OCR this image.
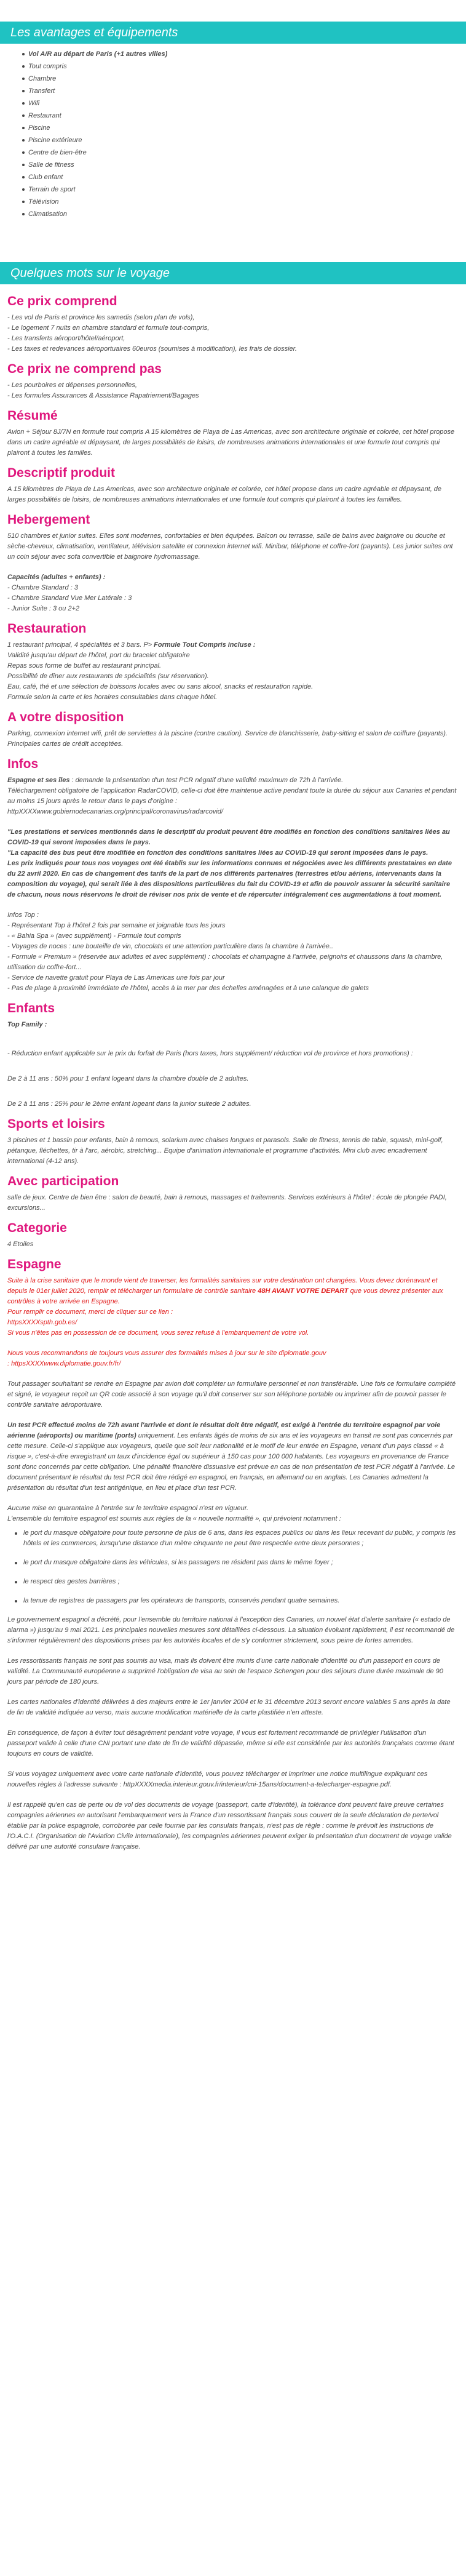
Les avantages et équipements
Vol A/R au départ de Paris (+1 autres villes)
Tout compris
Chambre
Transfert
Wifi
Restaurant
Piscine
Piscine extérieure
Centre de bien-être
Salle de fitness
Club enfant
Terrain de sport
Télévision
Climatisation
Quelques mots sur le voyage
Ce prix comprend

- Les vol de Paris et province les samedis (selon plan de vols),

- Le logement 7 nuits en chambre standard et formule tout-compris,

- Les transferts aéroport/hôtel/aéroport,

- Les taxes et redevances aéroportuaires 60euros (soumises à modification), les frais de dossier.

Ce prix ne comprend pas

- Les pourboires et dépenses personnelles,

- Les formules Assurances & Assistance Rapatriement/Bagages

Résumé

Avion + Séjour 8J/7N en formule tout compris A 15 kilomètres de Playa de Las Americas, avec son architecture originale et colorée, cet hôtel propose dans un cadre agréable et dépaysant, de larges possibilités de loisirs, de nombreuses animations internationales et une formule tout compris qui plairont à toutes les familles.

Descriptif produit

A 15 kilomètres de Playa de Las Americas, avec son architecture originale et colorée, cet hôtel propose dans un cadre agréable et dépaysant, de larges possibilités de loisirs, de nombreuses animations internationales et une formule tout compris qui plairont à toutes les familles.

Hebergement

510 chambres et junior suites. Elles sont modernes, confortables et bien équipées. Balcon ou terrasse, salle de bains avec baignoire ou douche et sèche-cheveux, climatisation, ventilateur, télévision satellite et connexion internet wifi. Minibar, téléphone et coffre-fort (payants). Les junior suites ont un coin séjour avec sofa convertible et baignoire hydromassage.

Capacités (adultes + enfants) :

- Chambre Standard : 3

- Chambre Standard Vue Mer Latérale : 3

- Junior Suite : 3 ou 2+2

Restauration

1 restaurant principal, 4 spécialités et 3 bars. P> Formule Tout Compris incluse :

Validité jusqu'au départ de l'hôtel, port du bracelet obligatoire

Repas sous forme de buffet au restaurant principal.

Possibilité de dîner aux restaurants de spécialités (sur réservation).

Eau, café, thé et une sélection de boissons locales avec ou sans alcool, snacks et restauration rapide.

Formule selon la carte et les horaires consultables dans chaque hôtel.

A votre disposition

Parking, connexion internet wifi, prêt de serviettes à la piscine (contre caution). Service de blanchisserie, baby-sitting et salon de coiffure (payants). Principales cartes de crédit acceptées.

Infos

Espagne et ses îles : demande la présentation d'un test PCR négatif d'une validité maximum de 72h à l'arrivée.

Téléchargement obligatoire de l'application RadarCOVID, celle-ci doit être maintenue active pendant toute la durée du séjour aux Canaries et pendant au moins 15 jours après le retour dans le pays d'origine :

httpXXXXwww.gobiernodecanarias.org/principal/coronavirus/radarcovid/

"Les prestations et services mentionnés dans le descriptif du produit peuvent être modifiés en fonction des conditions sanitaires liées au COVID-19 qui seront imposées dans le pays.

"La capacité des bus peut être modifiée en fonction des conditions sanitaires liées au COVID-19 qui seront imposées dans le pays.

Les prix indiqués pour tous nos voyages ont été établis sur les informations connues et négociées avec les différents prestataires en date du 22 avril 2020. En cas de changement des tarifs de la part de nos différents partenaires (terrestres et/ou aériens, intervenants dans la composition du voyage), qui serait liée à des dispositions particulières du fait du COVID-19 et afin de pouvoir assurer la sécurité sanitaire de chacun, nous nous réservons le droit de réviser nos prix de vente et de répercuter intégralement ces augmentations à tout moment.

Infos Top :

- Représentant Top à l'hôtel 2 fois par semaine et joignable tous les jours

- « Bahia Spa » (avec supplément) - Formule tout compris

- Voyages de noces : une bouteille de vin, chocolats et une attention particulière dans la chambre à l'arrivée..

- Formule « Premium » (réservée aux adultes et avec supplément) : chocolats et champagne à l'arrivée, peignoirs et chaussons dans la chambre, utilisation du coffre-fort...

- Service de navette gratuit pour Playa de Las Americas une fois par jour

- Pas de plage à proximité immédiate de l'hôtel, accès à la mer par des échelles aménagées et à une calanque de galets

Enfants

Top Family :

- Réduction enfant applicable sur le prix du forfait de Paris (hors taxes, hors supplément/ réduction vol de province et hors promotions) :

De 2 à 11 ans : 50% pour 1 enfant logeant dans la chambre double de 2 adultes.

De 2 à 11 ans : 25% pour le 2ème enfant logeant dans la junior suitede 2 adultes.

Sports et loisirs

3 piscines et 1 bassin pour enfants, bain à remous, solarium avec chaises longues et parasols. Salle de fitness, tennis de table, squash, mini-golf, pétanque, fléchettes, tir à l'arc, aérobic, stretching... Equipe d'animation internationale et programme d'activités. Mini club avec encadrement international (4-12 ans).

Avec participation

salle de jeux. Centre de bien être : salon de beauté, bain à remous, massages et traitements. Services extérieurs à l'hôtel : école de plongée PADI, excursions...

Categorie

4 Etoiles

Espagne

Suite à la crise sanitaire que le monde vient de traverser, les formalités sanitaires sur votre destination ont changées. Vous devez dorénavant et depuis le 01er juillet 2020, remplir et télécharger un formulaire de contrôle sanitaire 48H AVANT VOTRE DEPART que vous devrez présenter aux contrôles à votre arrivée en Espagne.

Pour remplir ce document, merci de cliquer sur ce lien :

httpsXXXXspth.gob.es/

Si vous n'êtes pas en possession de ce document, vous serez refusé à l'embarquement de votre vol.

Nous vous recommandons de toujours vous assurer des formalités mises à jour sur le site diplomatie.gouv

: httpsXXXXwww.diplomatie.gouv.fr/fr/

Tout passager souhaitant se rendre en Espagne par avion doit compléter un formulaire personnel et non transférable. Une fois ce formulaire complété et signé, le voyageur reçoit un QR code associé à son voyage qu'il doit conserver sur son téléphone portable ou imprimer afin de pouvoir passer le contrôle sanitaire aéroportuaire.

Un test PCR effectué moins de 72h avant l'arrivée et dont le résultat doit être négatif, est exigé à l'entrée du territoire espagnol par voie aérienne (aéroports) ou maritime (ports) uniquement. Les enfants âgés de moins de six ans et les voyageurs en transit ne sont pas concernés par cette mesure. Celle-ci s'applique aux voyageurs, quelle que soit leur nationalité et le motif de leur entrée en Espagne, venant d'un pays classé « à risque », c'est-à-dire enregistrant un taux d'incidence égal ou supérieur à 150 cas pour 100 000 habitants. Les voyageurs en provenance de France sont donc concernés par cette obligation. Une pénalité financière dissuasive est prévue en cas de non présentation de test PCR négatif à l'arrivée. Le document présentant le résultat du test PCR doit être rédigé en espagnol, en français, en allemand ou en anglais. Les Canaries admettent la présentation du résultat d'un test antigénique, en lieu et place d'un test PCR.

Aucune mise en quarantaine à l'entrée sur le territoire espagnol n'est en vigueur.

L'ensemble du territoire espagnol est soumis aux règles de la « nouvelle normalité », qui prévoient notamment :

le port du masque obligatoire pour toute personne de plus de 6 ans, dans les espaces publics ou dans les lieux recevant du public, y compris les hôtels et les commerces, lorsqu'une distance d'un mètre cinquante ne peut être respectée entre deux personnes ;
le port du masque obligatoire dans les véhicules, si les passagers ne résident pas dans le même foyer ;
le respect des gestes barrières ;
la tenue de registres de passagers par les opérateurs de transports, conservés pendant quatre semaines.

Le gouvernement espagnol a décrété, pour l'ensemble du territoire national à l'exception des Canaries, un nouvel état d'alerte sanitaire (« estado de alarma ») jusqu'au 9 mai 2021. Les principales nouvelles mesures sont détaillées ci-dessous. La situation évoluant rapidement, il est recommandé de s'informer régulièrement des dispositions prises par les autorités locales et de s'y conformer strictement, sous peine de fortes amendes.

Les ressortissants français ne sont pas soumis au visa, mais ils doivent être munis d'une carte nationale d'identité ou d'un passeport en cours de validité. La Communauté européenne a supprimé l'obligation de visa au sein de l'espace Schengen pour des séjours d'une durée maximale de 90 jours par période de 180 jours.

Les cartes nationales d'identité délivrées à des majeurs entre le 1er janvier 2004 et le 31 décembre 2013 seront encore valables 5 ans après la date de fin de validité indiquée au verso, mais aucune modification matérielle de la carte plastifiée n'en atteste.

En conséquence, de façon à éviter tout désagrément pendant votre voyage, il vous est fortement recommandé de privilégier l'utilisation d'un passeport valide à celle d'une CNI portant une date de fin de validité dépassée, même si elle est considérée par les autorités françaises comme étant toujours en cours de validité.

Si vous voyagez uniquement avec votre carte nationale d'identité, vous pouvez télécharger et imprimer une notice multilingue expliquant ces nouvelles règles à l'adresse suivante : httpXXXXmedia.interieur.gouv.fr/interieur/cni-15ans/document-a-telecharger-espagne.pdf.

Il est rappelé qu'en cas de perte ou de vol des documents de voyage (passeport, carte d'identité), la tolérance dont peuvent faire preuve certaines compagnies aériennes en autorisant l'embarquement vers la France d'un ressortissant français sous couvert de la seule déclaration de perte/vol établie par la police espagnole, corroborée par celle fournie par les consulats français, n'est pas de règle : comme le prévoit les instructions de l'O.A.C.I. (Organisation de l'Aviation Civile Internationale), les compagnies aériennes peuvent exiger la présentation d'un document de voyage valide délivré par une autorité consulaire française.
